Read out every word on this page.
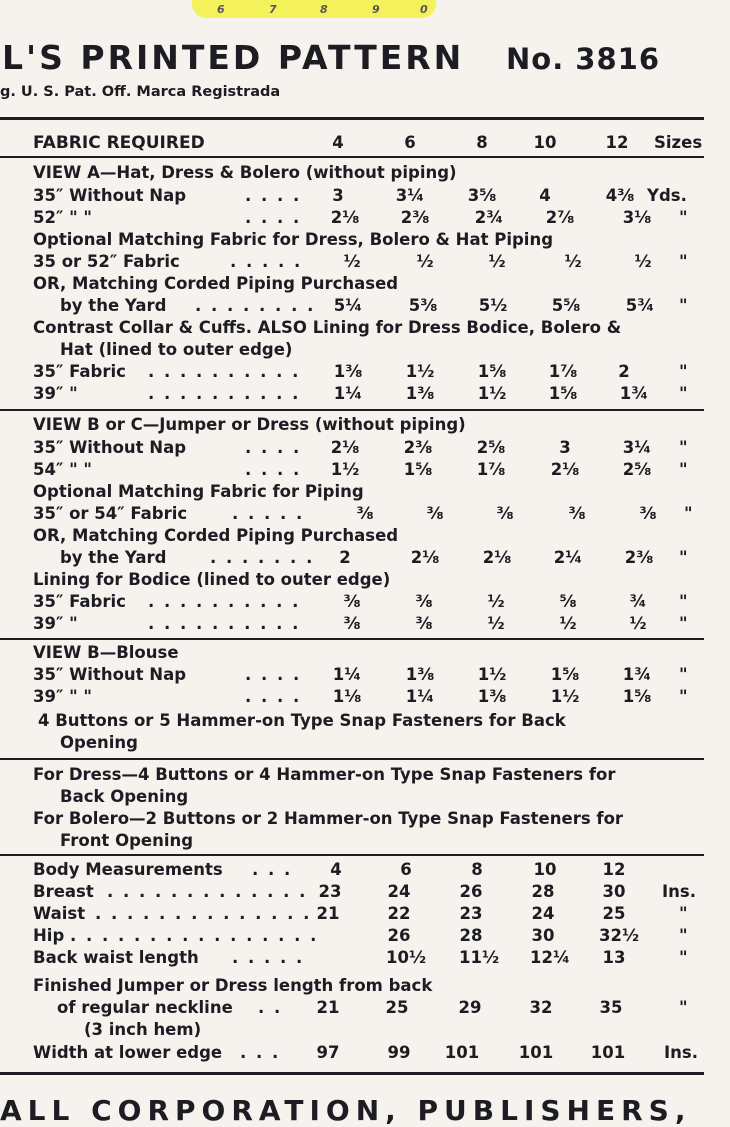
6	7	8	9	0
L'S PRINTED PATTERN No. 3816
g. U. S. Pat. Off. Marca Registrada
FABRIC REQUIRED	4	6	8	10	12 Sizes
VIEW A—Hat, Dress & Bolero (without piping)
35″ Without Nap	. . . . 3	3¼	3⅝	4	4⅜ Yds.
52″ " "	. . . . 2⅛	2⅜	2¾	2⅞	3⅛ "
Optional Matching Fabric for Dress, Bolero & Hat Piping
35 or 52″ Fabric	. . . . . ½	½	½	½	½ "
OR, Matching Corded Piping Purchased
by the Yard . . . . . . . . 5¼	5⅜	5½	5⅝	5¾ "
Contrast Collar & Cuffs. ALSO Lining for Dress Bodice, Bolero &
Hat (lined to outer edge)
35″ Fabric . . . . . . . . . . 1⅜	1½	1⅝	1⅞ 2	"
39″ "	. . . . . . . . . . 1¼	1⅜	1½	1⅝	1¾ "
VIEW B or C—Jumper or Dress (without piping)
35″ Without Nap	. . . . 2⅛	2⅜	2⅝	3	3¼ "
54″ " "	. . . . 1½	1⅝	1⅞	2⅛	2⅝ "
Optional Matching Fabric for Piping
35″ or 54″ Fabric	. . . . .	⅜	⅜	⅜	⅜	⅜ "
OR, Matching Corded Piping Purchased
by the Yard	. . . . . . . 2	2⅛	2⅛	2¼	2⅜ "
Lining for Bodice (lined to outer edge)
35″ Fabric . . . . . . . . . .	⅜	⅜	½	⅝	¾ "
39″ "	. . . . . . . . . .	⅜	⅜	½	½	½ "
VIEW B—Blouse
35″ Without Nap	. . . . 1¼	1⅜	1½	1⅝	1¾ "
39″ " "	. . . . 1⅛	1¼	1⅜	1½	1⅝ "
4 Buttons or 5 Hammer-on Type Snap Fasteners for Back
Opening
For Dress—4 Buttons or 4 Hammer-on Type Snap Fasteners for
Back Opening
For Bolero—2 Buttons or 2 Hammer-on Type Snap Fasteners for
Front Opening
Body Measurements . . . 4	6	8	10	12
Breast . . . . . . . . . . . . . 23	24	26	28	30 Ins.
Waist . . . . . . . . . . . . . . 21	22	23	24	25	"
Hip . . . . . . . . . . . . . . . .	26	28	30	32½ "
Back waist length . . . . .	10½ 11½ 12¼ 13	"
Finished Jumper or Dress length from back
of regular neckline . . 21	25	29	32	35	"
(3 inch hem)
Width at lower edge . . . 97	99 101 101 101 Ins.
ALL CORPORATION, PUBLISHERS,
